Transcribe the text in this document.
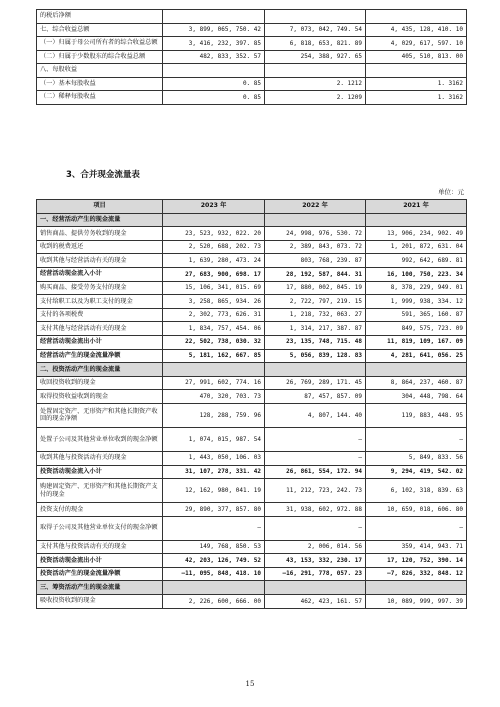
的税后净额			
七、综合收益总额	3, 899, 065, 750. 42	7, 073, 042, 749. 54	4, 435, 128, 410. 10
（一）归属于母公司所有者的综合收益总额	3, 416, 232, 397. 85	6, 818, 653, 821. 89	4, 029, 617, 597. 10
（二）归属于少数股东的综合收益总额	482, 833, 352. 57	254, 388, 927. 65	405, 510, 813. 00
八、每股收益			
（一）基本每股收益	0. 85	2. 1212	1. 3162
（二）稀释每股收益	0. 85	2. 1209	1. 3162
3、合并现金流量表
单位：元
项目	2023 年	2022 年	2021 年
一、经营活动产生的现金流量			
销售商品、提供劳务收到的现金	23, 523, 932, 022. 20	24, 998, 976, 530. 72	13, 906, 234, 902. 49
收到的税费返还	2, 520, 688, 202. 73	2, 389, 843, 073. 72	1, 201, 872, 631. 04
收到其他与经营活动有关的现金	1, 639, 280, 473. 24	803, 768, 239. 87	992, 642, 689. 81
经营活动现金流入小计	27, 683, 900, 698. 17	28, 192, 587, 844. 31	16, 100, 750, 223. 34
购买商品、接受劳务支付的现金	15, 106, 341, 015. 69	17, 880, 002, 045. 19	8, 378, 229, 949. 01
支付给职工以及为职工支付的现金	3, 258, 865, 934. 26	2, 722, 797, 219. 15	1, 999, 938, 334. 12
支付的各项税费	2, 302, 773, 626. 31	1, 218, 732, 063. 27	591, 365, 160. 87
支付其他与经营活动有关的现金	1, 834, 757, 454. 06	1, 314, 217, 387. 87	849, 575, 723. 09
经营活动现金流出小计	22, 502, 738, 030. 32	23, 135, 748, 715. 48	11, 819, 109, 167. 09
经营活动产生的现金流量净额	5, 181, 162, 667. 85	5, 056, 839, 128. 83	4, 281, 641, 056. 25
二、投资活动产生的现金流量			
收回投资收到的现金	27, 991, 602, 774. 16	26, 769, 289, 171. 45	8, 864, 237, 460. 87
取得投资收益收到的现金	470, 320, 703. 73	87, 457, 857. 09	304, 448, 798. 64
处置固定资产、无形资产和其他长期资产收回的现金净额	128, 288, 759. 96	4, 807, 144. 40	119, 883, 448. 95
处置子公司及其他营业单位收到的现金净额	1, 074, 015, 987. 54	–	–
收到其他与投资活动有关的现金	1, 443, 050, 106. 03	–	5, 849, 833. 56
投资活动现金流入小计	31, 107, 278, 331. 42	26, 861, 554, 172. 94	9, 294, 419, 542. 02
购建固定资产、无形资产和其他长期资产支付的现金	12, 162, 980, 041. 19	11, 212, 723, 242. 73	6, 102, 318, 839. 63
投资支付的现金	29, 890, 377, 857. 80	31, 938, 602, 972. 88	10, 659, 018, 606. 80
取得子公司及其他营业单位支付的现金净额	–	–	–
支付其他与投资活动有关的现金	149, 768, 850. 53	2, 006, 014. 56	359, 414, 943. 71
投资活动现金流出小计	42, 203, 126, 749. 52	43, 153, 332, 230. 17	17, 120, 752, 390. 14
投资活动产生的现金流量净额	–11, 095, 848, 418. 10	–16, 291, 778, 057. 23	–7, 826, 332, 848. 12
三、筹资活动产生的现金流量			
吸收投资收到的现金	2, 226, 600, 666. 00	462, 423, 161. 57	10, 089, 999, 997. 39
15
